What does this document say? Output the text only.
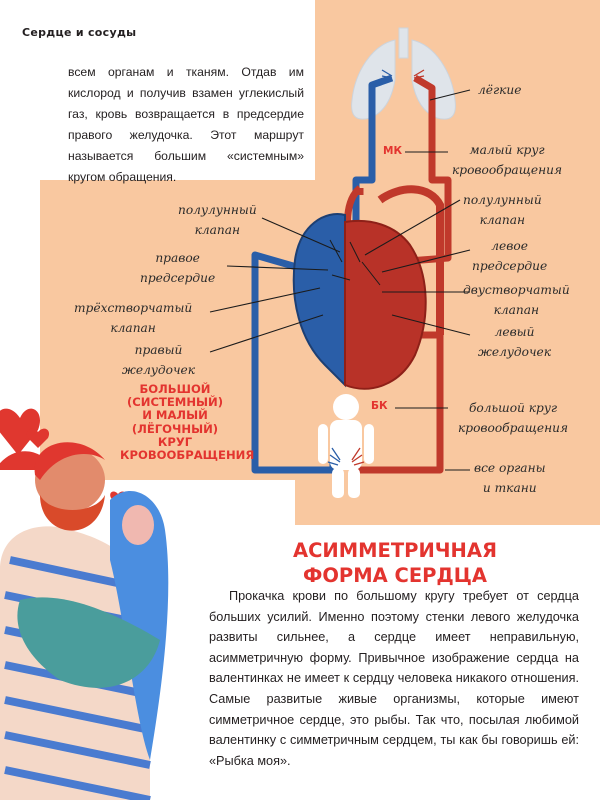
Сердце и сосуды

всем органам и тканям. Отдав им кислород и получив взамен углекислый газ, кровь возвращается в предсердие правого желудочка. Этот маршрут называется большим «системным» кругом обращения.

лёгкие
МК	малый круг
кровообращения
полулунный
клапан
полулунный
клапан
правое
предсердие
левое
предсердие
трёхстворчатый
клапан
двустворчатый
клапан
правый
желудочек
левый
желудочек
БК	большой круг
кровообращения
все органы
и ткани
БОЛЬШОЙ
(СИСТЕМНЫЙ)
И МАЛЫЙ
(ЛЁГОЧНЫЙ) КРУГ
КРОВООБРАЩЕНИЯ
АСИММЕТРИЧНАЯ
ФОРМА СЕРДЦА

Прокачка крови по большому кругу требует от сердца больших усилий. Именно поэтому стенки левого желудочка развиты сильнее, а сердце имеет неправильную, асимметричную форму. Привычное изображение сердца на валентинках не имеет к сердцу человека никакого отношения. Самые развитые живые организмы, которые имеют симметричное сердце, это рыбы. Так что, посылая любимой валентинку с симметричным сердцем, ты как бы говоришь ей: «Рыбка моя».
